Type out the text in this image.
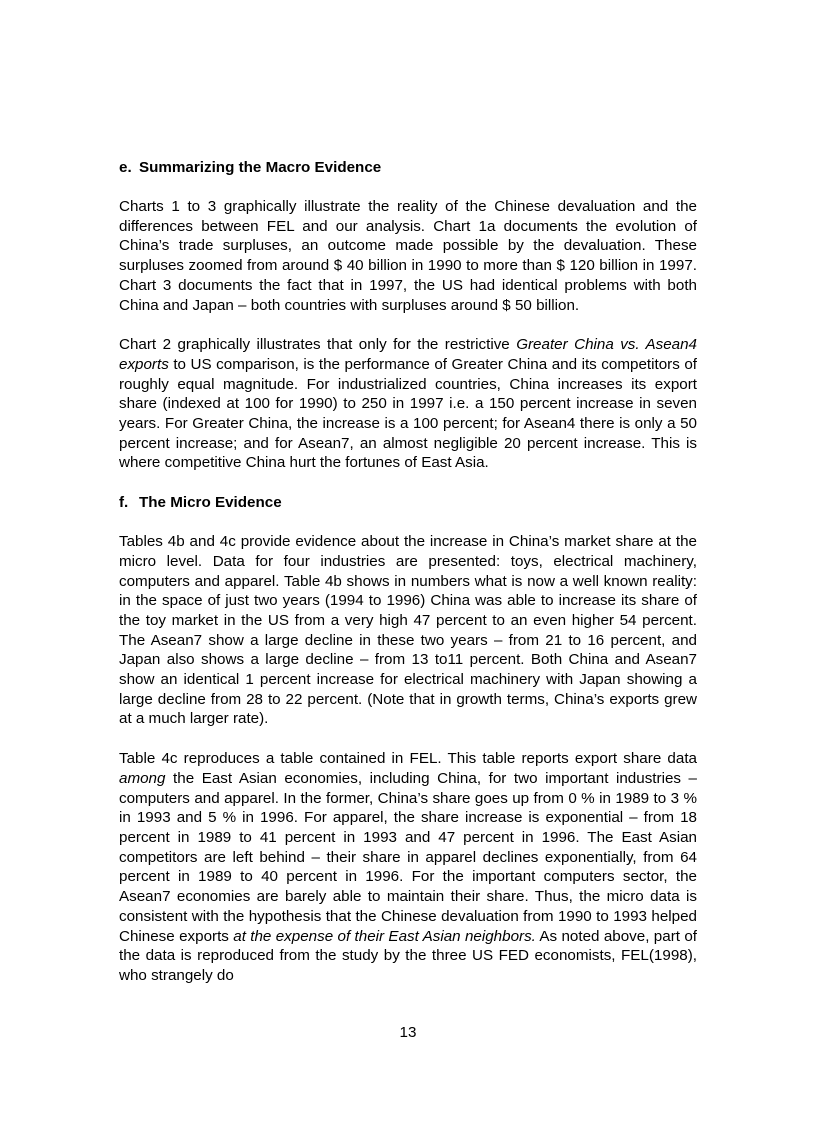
e. Summarizing the Macro Evidence

Charts 1 to 3 graphically illustrate the reality of the Chinese devaluation and the differences between FEL and our analysis. Chart 1a documents the evolution of China’s trade surpluses, an outcome made possible by the devaluation. These surpluses zoomed from around $ 40 billion in 1990 to more than $ 120 billion in 1997. Chart 3 documents the fact that in 1997, the US had identical problems with both China and Japan – both countries with surpluses around $ 50 billion.

Chart 2 graphically illustrates that only for the restrictive Greater China vs. Asean4 exports to US comparison, is the performance of Greater China and its competitors of roughly equal magnitude. For industrialized countries, China increases its export share (indexed at 100 for 1990) to 250 in 1997 i.e. a 150 percent increase in seven years. For Greater China, the increase is a 100 percent; for Asean4 there is only a 50 percent increase; and for Asean7, an almost negligible 20 percent increase. This is where competitive China hurt the fortunes of East Asia.

f. The Micro Evidence

Tables 4b and 4c provide evidence about the increase in China’s market share at the micro level. Data for four industries are presented: toys, electrical machinery, computers and apparel. Table 4b shows in numbers what is now a well known reality: in the space of just two years (1994 to 1996) China was able to increase its share of the toy market in the US from a very high 47 percent to an even higher 54 percent. The Asean7 show a large decline in these two years – from 21 to 16 percent, and Japan also shows a large decline – from 13 to11 percent. Both China and Asean7 show an identical 1 percent increase for electrical machinery with Japan showing a large decline from 28 to 22 percent. (Note that in growth terms, China’s exports grew at a much larger rate).

Table 4c reproduces a table contained in FEL. This table reports export share data among the East Asian economies, including China, for two important industries – computers and apparel. In the former, China’s share goes up from 0 % in 1989 to 3 % in 1993 and 5 % in 1996. For apparel, the share increase is exponential – from 18 percent in 1989 to 41 percent in 1993 and 47 percent in 1996. The East Asian competitors are left behind – their share in apparel declines exponentially, from 64 percent in 1989 to 40 percent in 1996. For the important computers sector, the Asean7 economies are barely able to maintain their share. Thus, the micro data is consistent with the hypothesis that the Chinese devaluation from 1990 to 1993 helped Chinese exports at the expense of their East Asian neighbors. As noted above, part of the data is reproduced from the study by the three US FED economists, FEL(1998), who strangely do

13
